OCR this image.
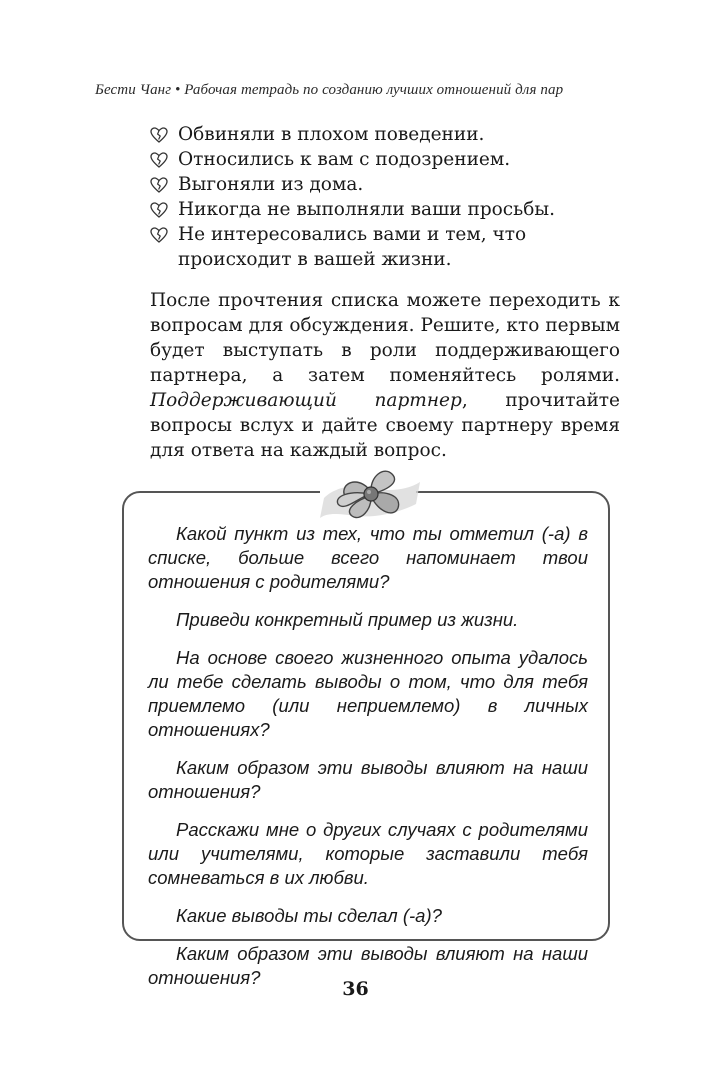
Бести Чанг • Рабочая тетрадь по созданию лучших отношений для пар
Обвиняли в плохом поведении.
Относились к вам с подозрением.
Выгоняли из дома.
Никогда не выполняли ваши просьбы.
Не интересовались вами и тем, что происходит в вашей жизни.

После прочтения списка можете переходить к вопросам для обсуждения. Решите, кто первым будет выступать в роли поддерживающего партнера, а затем поменяйтесь ролями. Поддерживающий партнер, прочитайте вопросы вслух и дайте своему партнеру время для ответа на каждый вопрос.

Какой пункт из тех, что ты отметил (-а) в списке, больше всего напоминает твои отношения с родителями?

Приведи конкретный пример из жизни.

На основе своего жизненного опыта удалось ли тебе сделать выводы о том, что для тебя приемлемо (или неприемлемо) в личных отношениях?

Каким образом эти выводы влияют на наши отношения?

Расскажи мне о других случаях с родителями или учителями, которые заставили тебя сомневаться в их любви.

Какие выводы ты сделал (-а)?

Каким образом эти выводы влияют на наши отношения?

36
